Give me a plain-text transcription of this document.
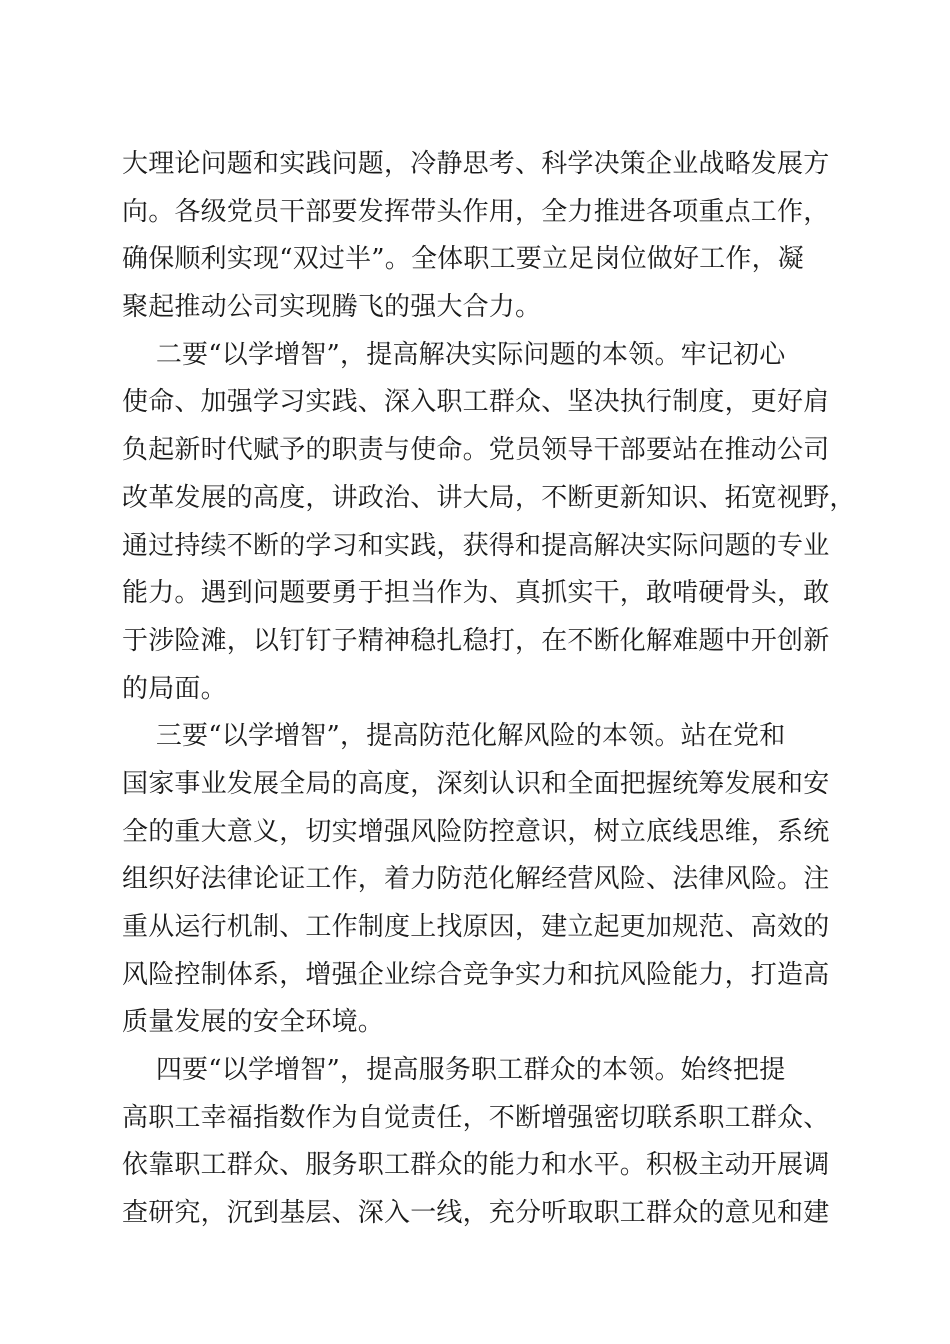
大理论问题和实践问题，冷静思考、科学决策企业战略发展方
向。各级党员干部要发挥带头作用，全力推进各项重点工作，
确保顺利实现“双过半”。全体职工要立足岗位做好工作，凝
聚起推动公司实现腾飞的强大合力。
二要“以学增智”，提高解决实际问题的本领。牢记初心
使命、加强学习实践、深入职工群众、坚决执行制度，更好肩
负起新时代赋予的职责与使命。党员领导干部要站在推动公司
改革发展的高度，讲政治、讲大局，不断更新知识、拓宽视野，
通过持续不断的学习和实践，获得和提高解决实际问题的专业
能力。遇到问题要勇于担当作为、真抓实干，敢啃硬骨头，敢
于涉险滩，以钉钉子精神稳扎稳打，在不断化解难题中开创新
的局面。
三要“以学增智”，提高防范化解风险的本领。站在党和
国家事业发展全局的高度，深刻认识和全面把握统筹发展和安
全的重大意义，切实增强风险防控意识，树立底线思维，系统
组织好法律论证工作，着力防范化解经营风险、法律风险。注
重从运行机制、工作制度上找原因，建立起更加规范、高效的
风险控制体系，增强企业综合竞争实力和抗风险能力，打造高
质量发展的安全环境。
四要“以学增智”，提高服务职工群众的本领。始终把提
高职工幸福指数作为自觉责任，不断增强密切联系职工群众、
依靠职工群众、服务职工群众的能力和水平。积极主动开展调
查研究，沉到基层、深入一线，充分听取职工群众的意见和建
